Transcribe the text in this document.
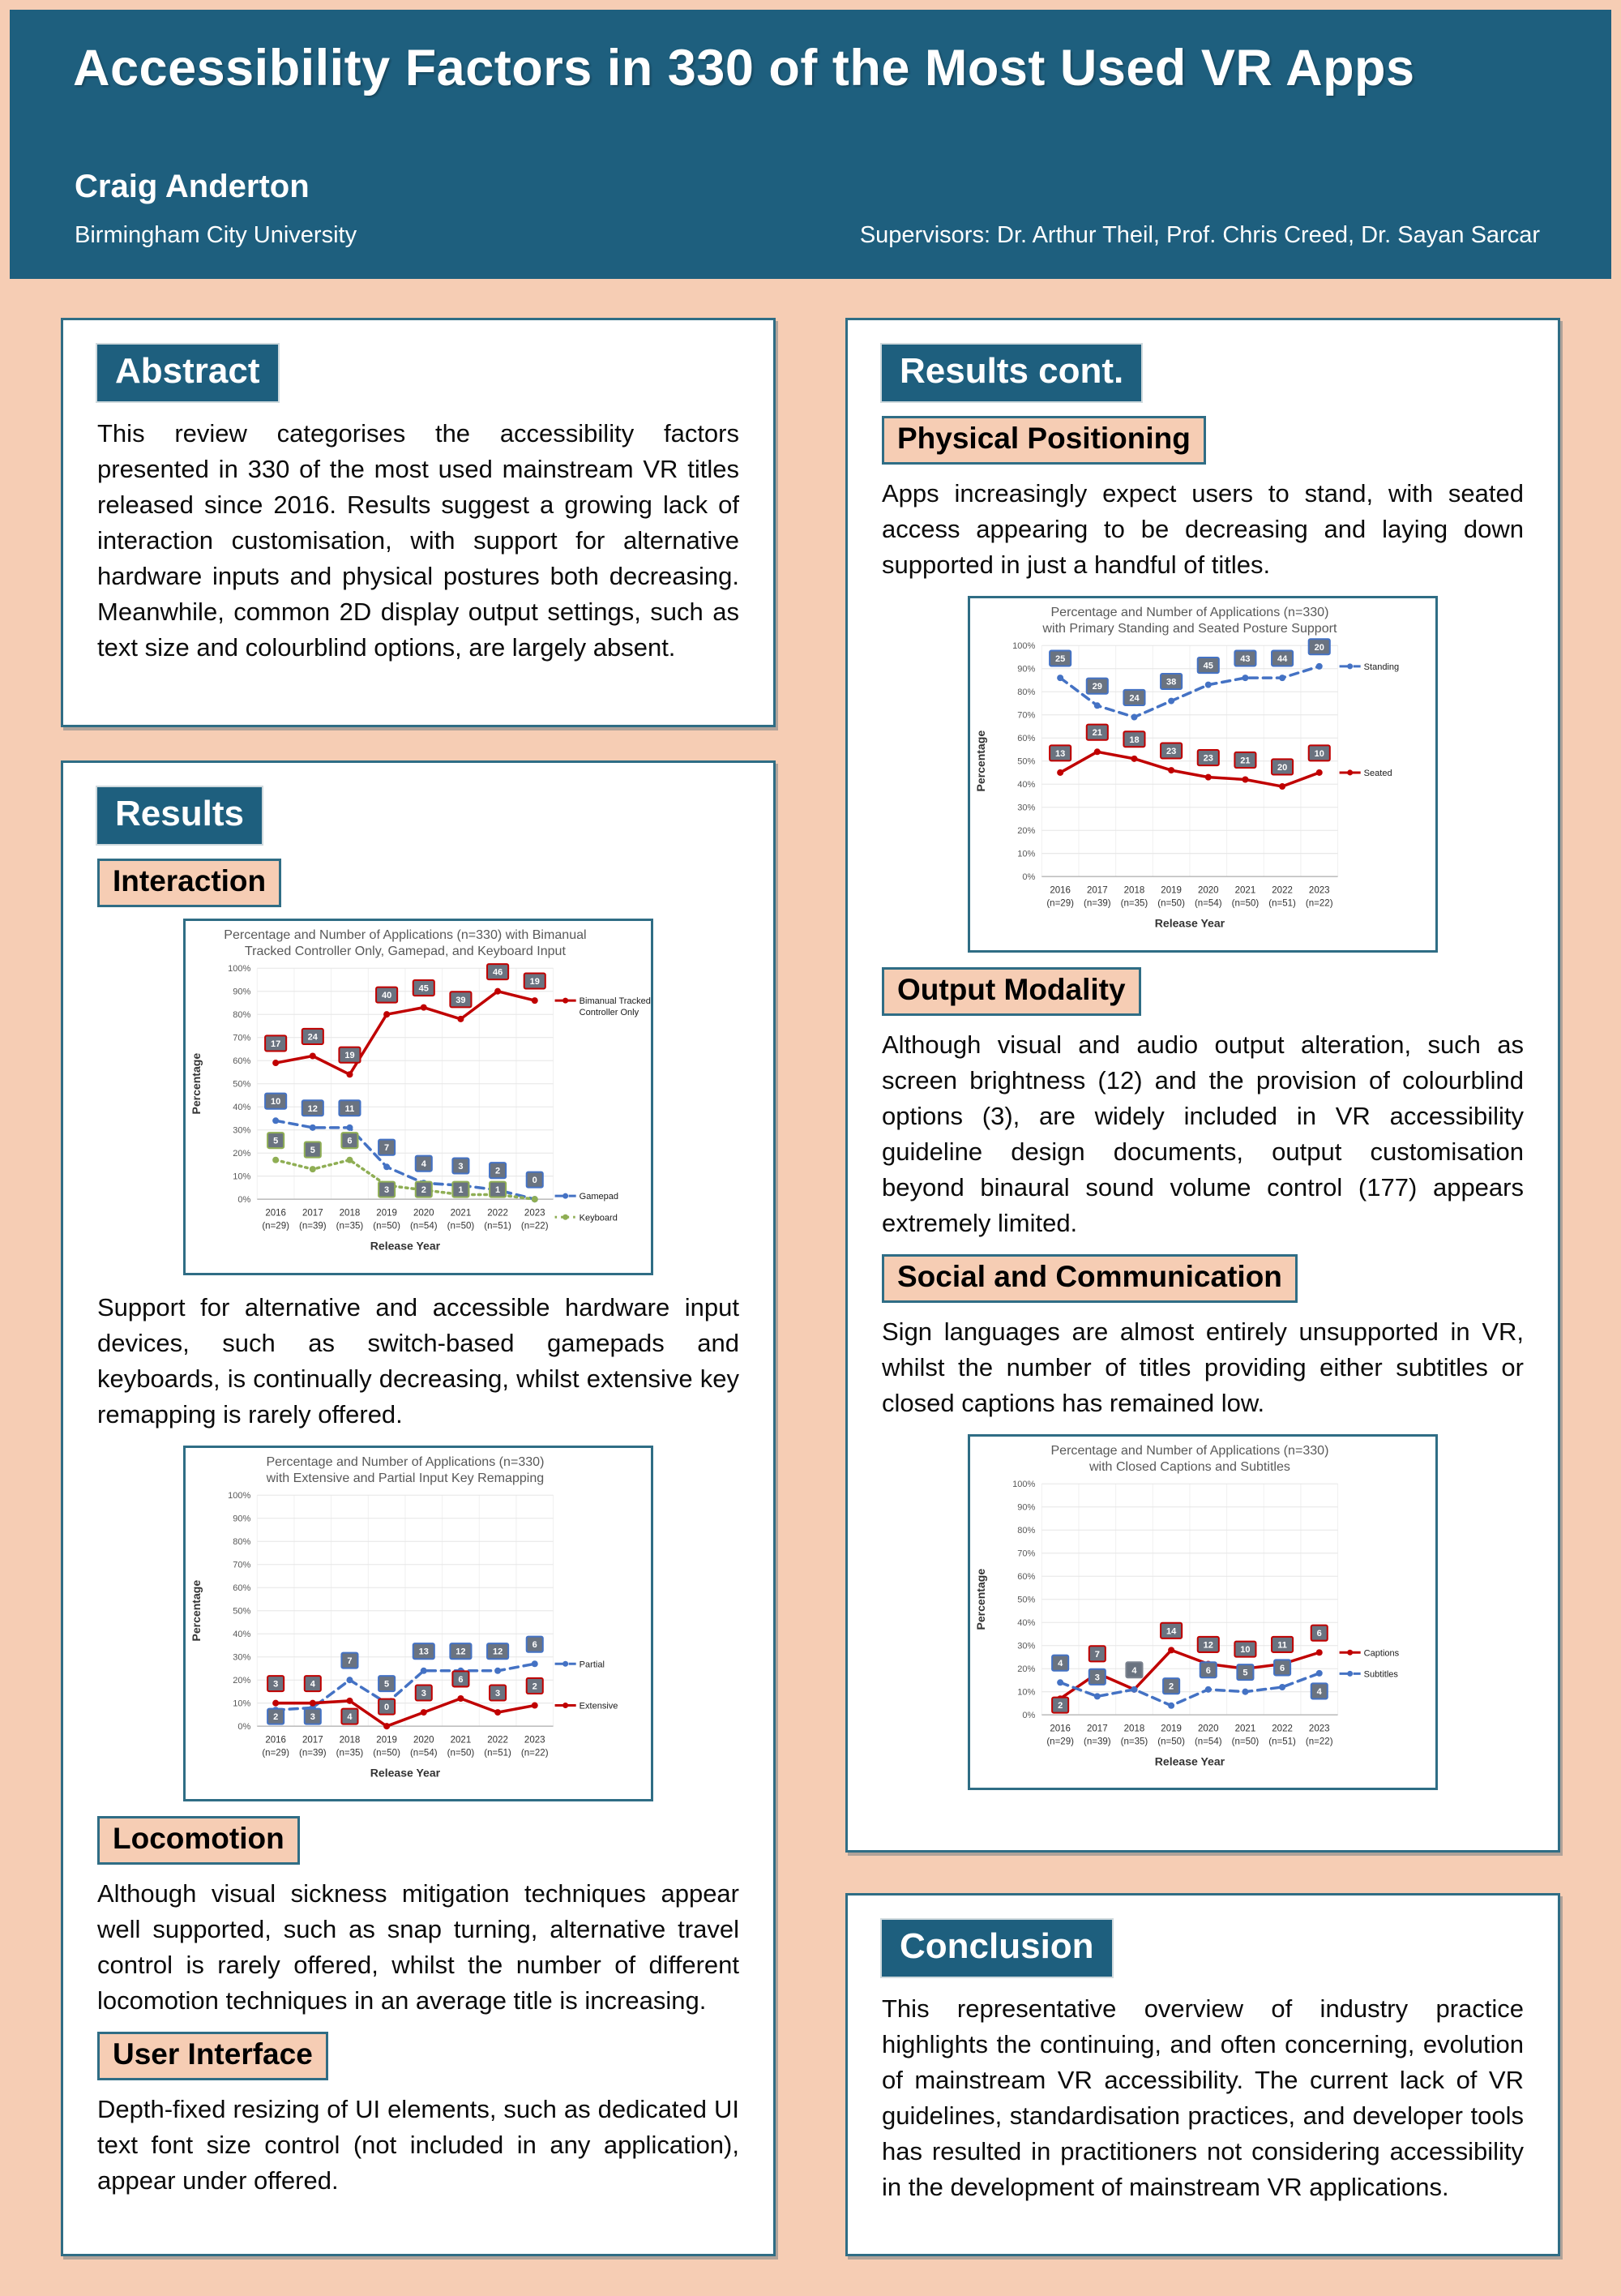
Accessibility Factors in 330 of the Most Used VR Apps
Craig Anderton
Birmingham City University	Supervisors: Dr. Arthur Theil, Prof. Chris Creed, Dr. Sayan Sarcar
Abstract

This review categorises the accessibility factors presented in 330 of the most used mainstream VR titles released since 2016. Results suggest a growing lack of interaction customisation, with support for alternative hardware inputs and physical postures both decreasing. Meanwhile, common 2D display output settings, such as text size and colourblind options, are largely absent.

Results
Interaction
Percentage and Number of Applications (n=330) with Bimanual
Tracked Controller Only, Gamepad, and Keyboard Input
0%
10%
20%
30%
40%
50%
60%
70%
80%
90%
100%
2016
(n=29)
2017
(n=39)
2018
(n=35)
2019
(n=50)
2020
(n=54)
2021
(n=50)
2022
(n=51)
2023
(n=22)
Release Year
Percentage
17
10
5
24
12
5
19
11
6
40
7
3
45
4
2
39
3
1
46
2
1
19
0
Bimanual Tracked
Controller Only
Gamepad
Keyboard

Support for alternative and accessible hardware input devices, such as switch-based gamepads and keyboards, is continually decreasing, whilst extensive key remapping is rarely offered.

Percentage and Number of Applications (n=330)
with Extensive and Partial Input Key Remapping
0%
10%
20%
30%
40%
50%
60%
70%
80%
90%
100%
2016
(n=29)
2017
(n=39)
2018
(n=35)
2019
(n=50)
2020
(n=54)
2021
(n=50)
2022
(n=51)
2023
(n=22)
Release Year
Percentage
2
3
3
4
7
4
5
0
13
3
12
6
12
3
6
2
Partial
Extensive
Locomotion

Although visual sickness mitigation techniques appear well supported, such as snap turning, alternative travel control is rarely offered, whilst the number of different locomotion techniques in an average title is increasing.

User Interface

Depth-fixed resizing of UI elements, such as dedicated UI text font size control (not included in any application), appear under offered.

Results cont.
Physical Positioning

Apps increasingly expect users to stand, with seated access appearing to be decreasing and laying down supported in just a handful of titles.

Percentage and Number of Applications (n=330)
with Primary Standing and Seated Posture Support
0%
10%
20%
30%
40%
50%
60%
70%
80%
90%
100%
2016
(n=29)
2017
(n=39)
2018
(n=35)
2019
(n=50)
2020
(n=54)
2021
(n=50)
2022
(n=51)
2023
(n=22)
Release Year
Percentage
25
13
29
21
24
18
38
23
45
23
43
21
44
20
20
10
Standing
Seated
Output Modality

Although visual and audio output alteration, such as screen brightness (12) and the provision of colourblind options (3), are widely included in VR accessibility guideline design documents, output customisation beyond binaural sound volume control (177) appears extremely limited.

Social and Communication

Sign languages are almost entirely unsupported in VR, whilst the number of titles providing either subtitles or closed captions has remained low.

Percentage and Number of Applications (n=330)
with Closed Captions and Subtitles
0%
10%
20%
30%
40%
50%
60%
70%
80%
90%
100%
2016
(n=29)
2017
(n=39)
2018
(n=35)
2019
(n=50)
2020
(n=54)
2021
(n=50)
2022
(n=51)
2023
(n=22)
Release Year
Percentage
2
4
7
3
4
14
2
12
6
10
5
11
6
6
4
Captions
Subtitles
Conclusion

This representative overview of industry practice highlights the continuing, and often concerning, evolution of mainstream VR accessibility. The current lack of VR guidelines, standardisation practices, and developer tools has resulted in practitioners not considering accessibility in the development of mainstream VR applications.
